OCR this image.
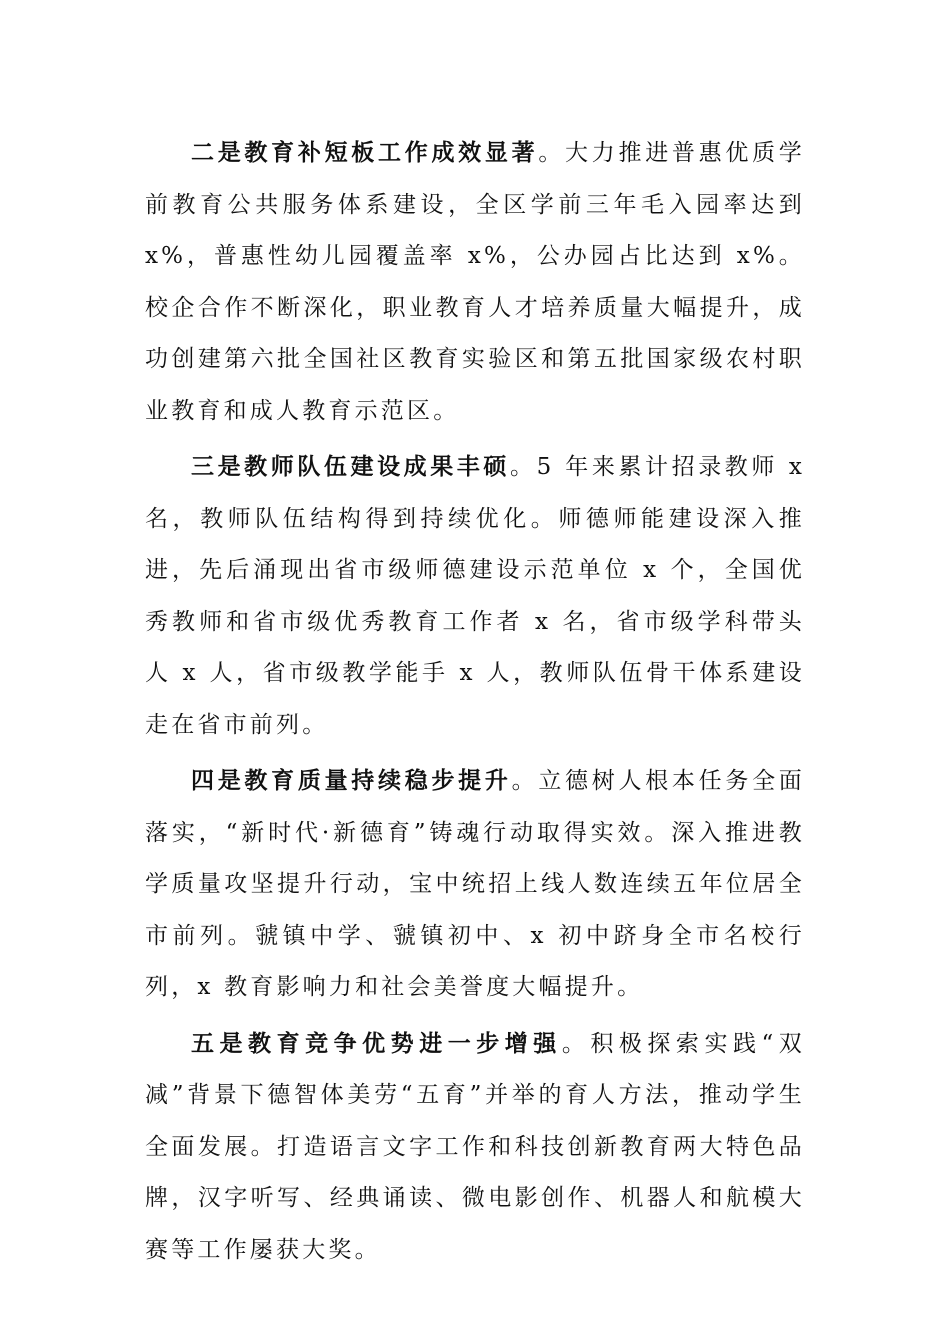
二是教育补短板工作成效显著。大力推进普惠优质学前教育公共服务体系建设，全区学前三年毛入园率达到 x%，普惠性幼儿园覆盖率 x%，公办园占比达到 x%。校企合作不断深化，职业教育人才培养质量大幅提升，成功创建第六批全国社区教育实验区和第五批国家级农村职业教育和成人教育示范区。

三是教师队伍建设成果丰硕。5 年来累计招录教师 x 名，教师队伍结构得到持续优化。师德师能建设深入推进，先后涌现出省市级师德建设示范单位 x 个，全国优秀教师和省市级优秀教育工作者 x 名，省市级学科带头人 x 人，省市级教学能手 x 人，教师队伍骨干体系建设走在省市前列。

四是教育质量持续稳步提升。立德树人根本任务全面落实，“新时代·新德育”铸魂行动取得实效。深入推进教学质量攻坚提升行动，宝中统招上线人数连续五年位居全市前列。虢镇中学、虢镇初中、x 初中跻身全市名校行列，x 教育影响力和社会美誉度大幅提升。

五是教育竞争优势进一步增强。积极探索实践“双减”背景下德智体美劳“五育”并举的育人方法，推动学生全面发展。打造语言文字工作和科技创新教育两大特色品牌，汉字听写、经典诵读、微电影创作、机器人和航模大赛等工作屡获大奖。
